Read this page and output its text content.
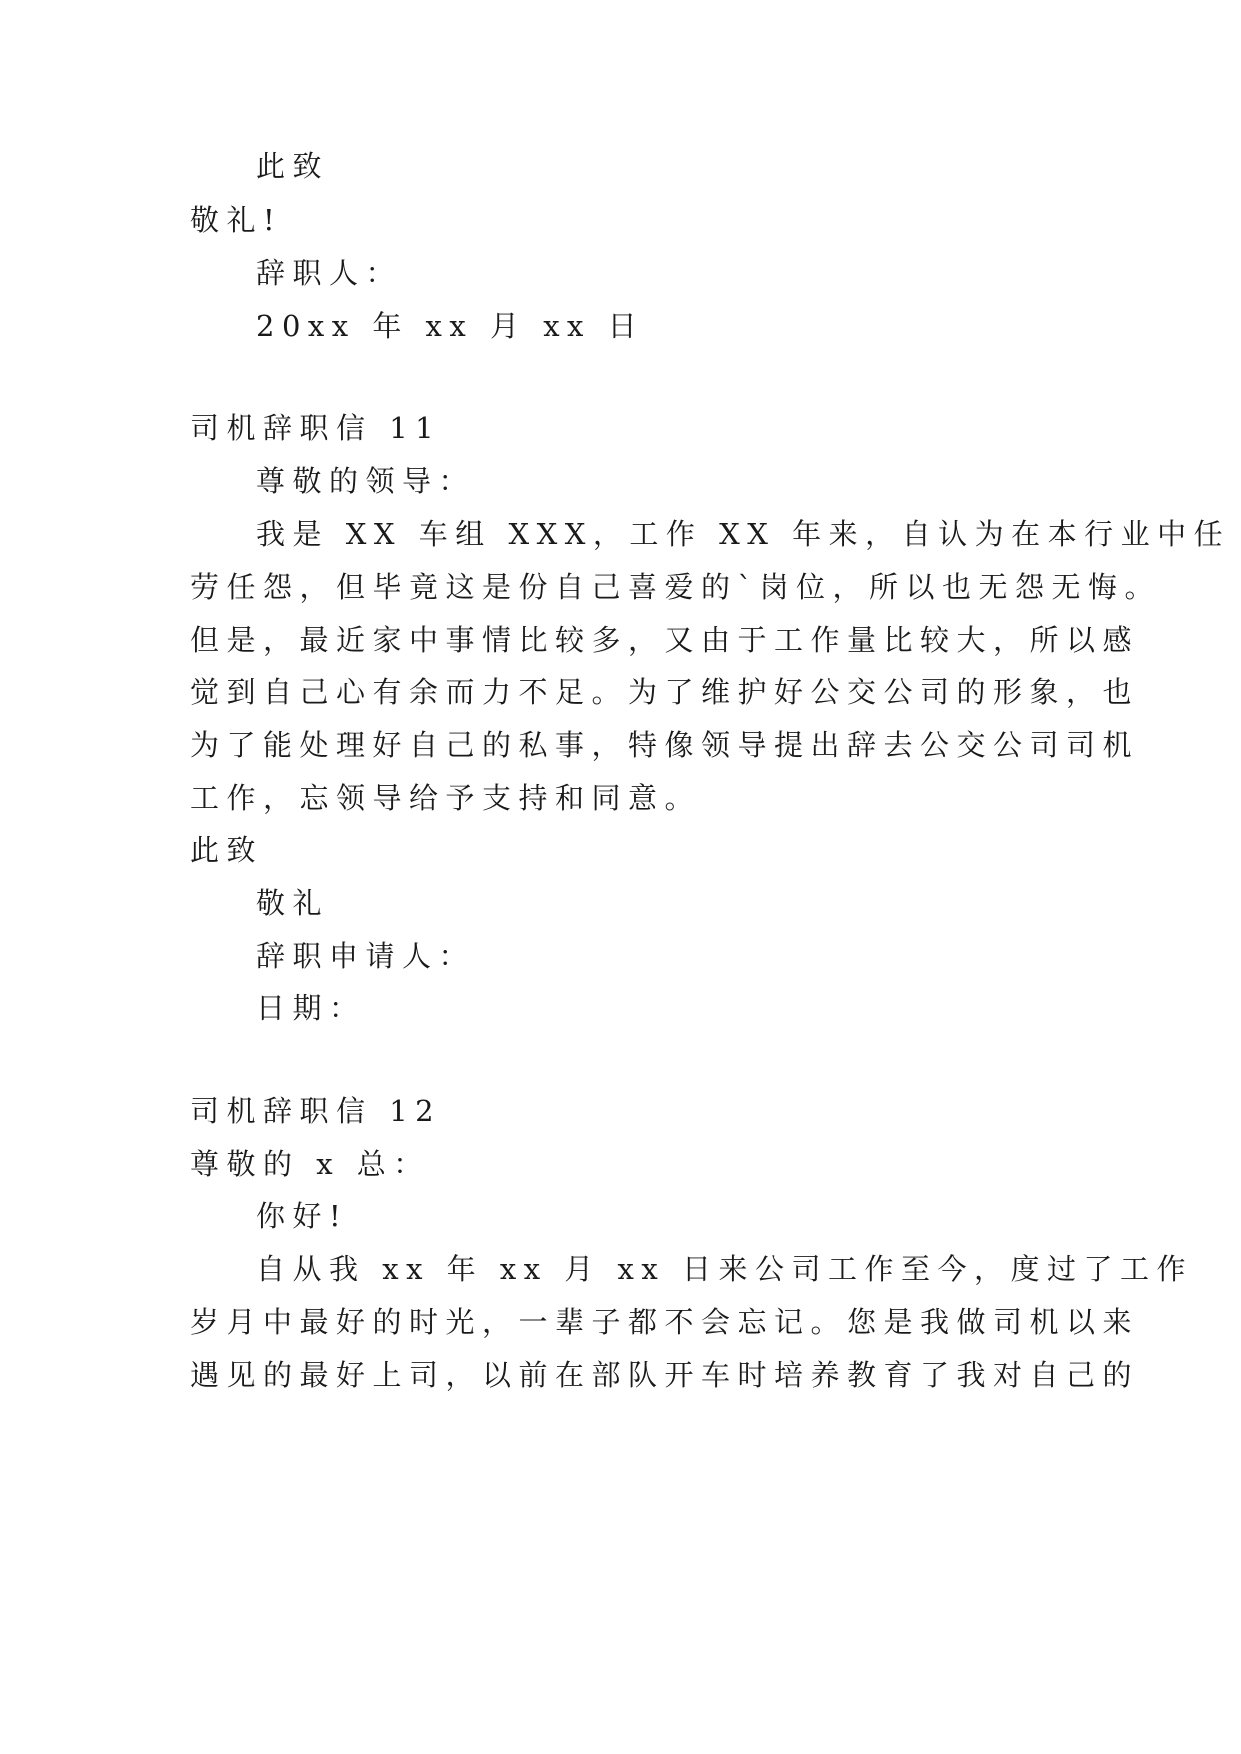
此致

敬礼!

辞职人：

20xx 年 xx 月 xx 日

司机辞职信 11

尊敬的领导：

我是 XX 车组 XXX，工作 XX 年来，自认为在本行业中任

劳任怨，但毕竟这是份自己喜爱的`岗位，所以也无怨无悔。

但是，最近家中事情比较多，又由于工作量比较大，所以感

觉到自己心有余而力不足。为了维护好公交公司的形象，也

为了能处理好自己的私事，特像领导提出辞去公交公司司机

工作，忘领导给予支持和同意。

此致

敬礼

辞职申请人：

日期：

司机辞职信 12

尊敬的 x 总：

你好!

自从我 xx 年 xx 月 xx 日来公司工作至今，度过了工作

岁月中最好的时光，一辈子都不会忘记。您是我做司机以来

遇见的最好上司，以前在部队开车时培养教育了我对自己的
